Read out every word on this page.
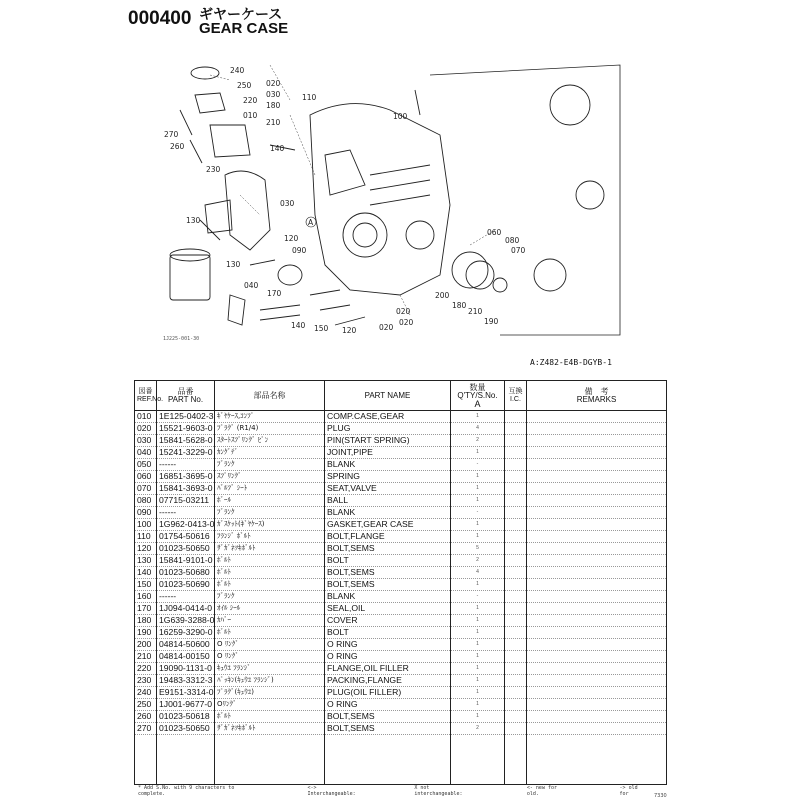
000400 ギヤーケース
GEAR CASE
240
250
220
270
260
020
030
180
010
210
110
100
140
230
130
030
120
090
060
080
070
130
040
170
140 150 120
020
200
180
210
190
020
020
A
1J225-001-30
A:Z482-E4B-DGYB-1
図番
REF.No.	品番
PART No.	部品名称	PART NAME	数量
Q'TY/S.No.
A	互換
I.C.	備　考
REMARKS

010	1E125-0402-3	ｷﾞﾔｹｰｽ,ｺﾝﾌﾟ	COMP.CASE,GEAR	1		
020	15521-9603-0	ﾌﾟﾗｸﾞ (R1/4)	PLUG	4		
030	15841-5628-0	ｽﾀｰﾄｽﾌﾟﾘﾝｸﾞ ﾋﾟﾝ	PIN(START SPRING)	2		
040	15241-3229-0	ｶﾝｸﾞﾃﾞ	JOINT,PIPE	1		
050	------	ﾌﾞﾗﾝｸ	BLANK	-		
060	16851-3695-0	ｽﾌﾟﾘﾝｸﾞ	SPRING	1		
070	15841-3693-0	ﾊﾞﾙﾌﾞ ｼｰﾄ	SEAT,VALVE	1		
080	07715-03211	ﾎﾞｰﾙ	BALL	1		
090	------	ﾌﾞﾗﾝｸ	BLANK	-		
100	1G962-0413-0	ｶﾞｽｹｯﾄ(ｷﾞﾔｹｰｽ)	GASKET,GEAR CASE	1		
110	01754-50616	ﾌﾗﾝｼﾞ ﾎﾞﾙﾄ	BOLT,FLANGE	1		
120	01023-50650	ｻﾞｶﾞﾈﾂｷﾎﾞﾙﾄ	BOLT,SEMS	5		
130	15841-9101-0	ﾎﾞﾙﾄ	BOLT	2		
140	01023-50680	ﾎﾞﾙﾄ	BOLT,SEMS	4		
150	01023-50690	ﾎﾞﾙﾄ	BOLT,SEMS	1		
160	------	ﾌﾞﾗﾝｸ	BLANK	-		
170	1J094-0414-0	ｵｲﾙ ｼｰﾙ	SEAL,OIL	1		
180	1G639-3288-0	ｶﾊﾞｰ	COVER	1		
190	16259-3290-0	ﾎﾞﾙﾄ	BOLT	1		
200	04814-50600	O ﾘﾝｸﾞ	O RING	1		
210	04814-00150	O ﾘﾝｸﾞ	O RING	1		
220	19090-1131-0	ｷｭｳﾕ ﾌﾗﾝｼﾞ	FLANGE,OIL FILLER	1		
230	19483-3312-3	ﾊﾟｯｷﾝ(ｷｭｳﾕ ﾌﾗﾝｼﾞ)	PACKING,FLANGE	1		
240	E9151-3314-0	ﾌﾟﾗｸﾞ(ｷｭｳﾕ)	PLUG(OIL FILLER)	1		
250	1J001-9677-0	Oﾘﾝｸﾞ	O RING	1		
260	01023-50618	ﾎﾞﾙﾄ	BOLT,SEMS	1		
270	01023-50650	ｻﾞｶﾞﾈﾂｷﾎﾞﾙﾄ	BOLT,SEMS	2		

* Add S.No. with 9 characters to complete.
<-> Interchangeable:
X not interchangeable:
<- new for old.
-> old for	7330
